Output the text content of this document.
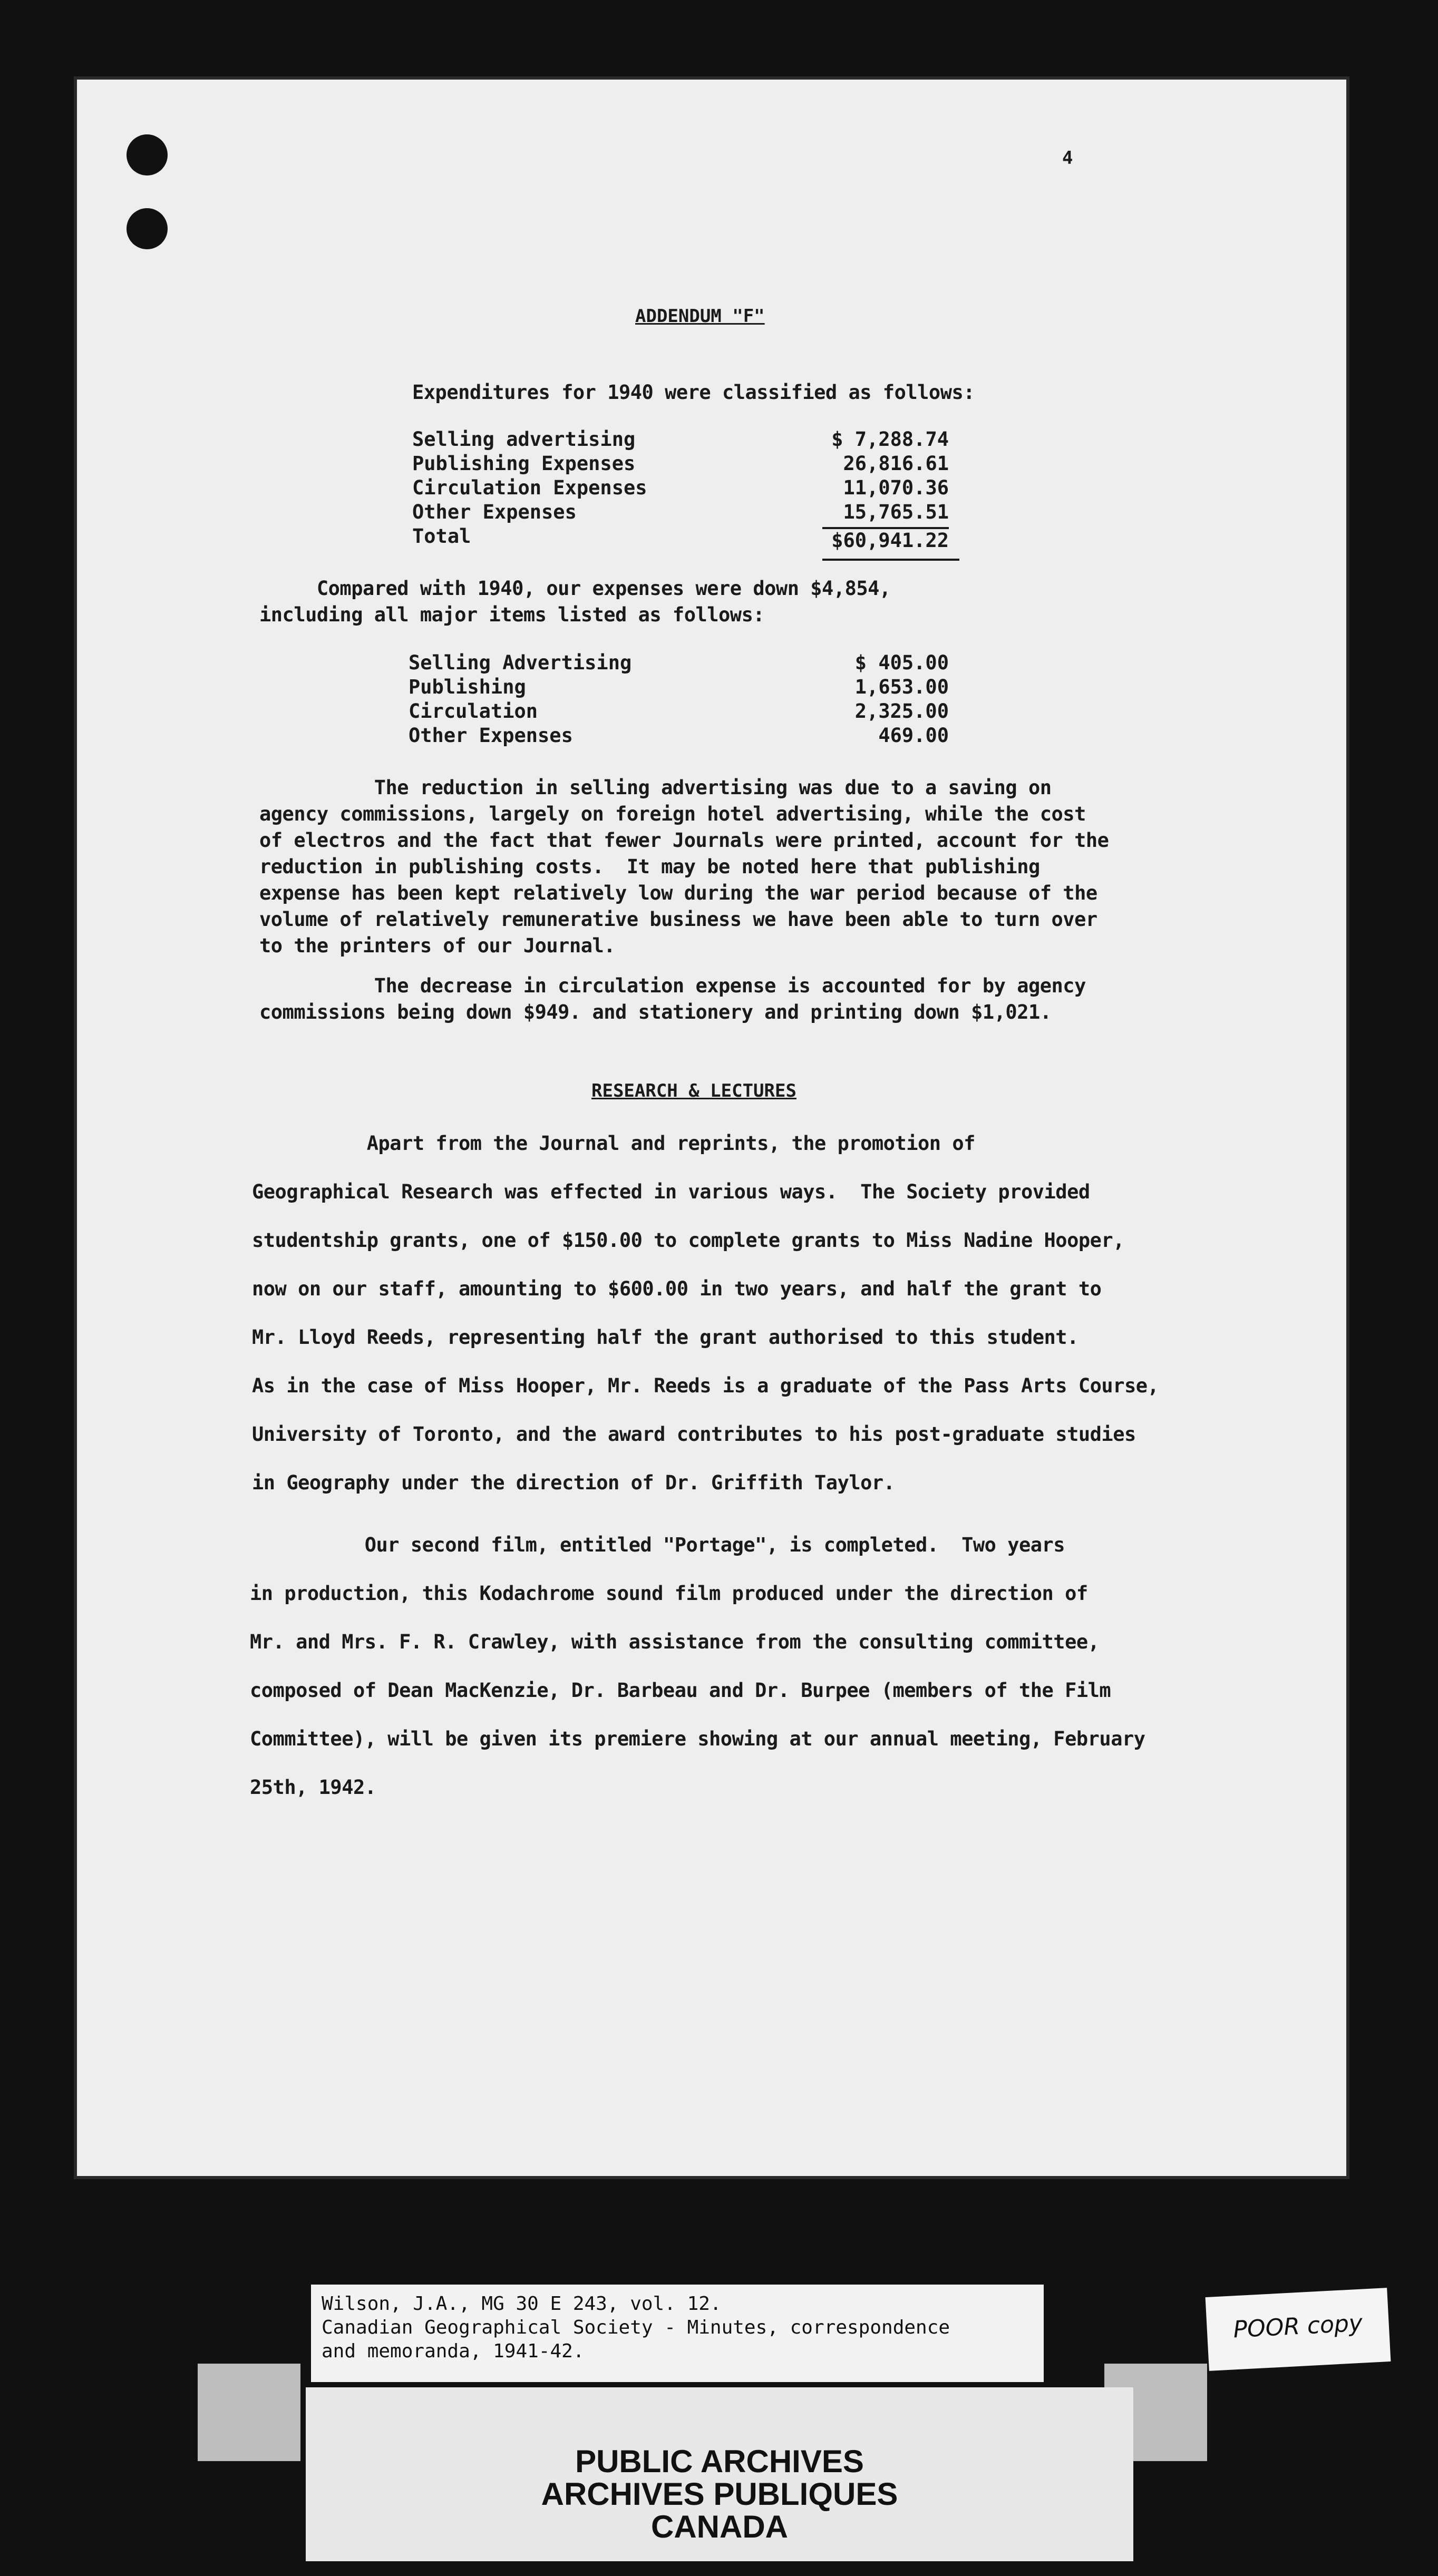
4
ADDENDUM "F"
Expenditures for 1940 were classified as follows:
Selling advertising	$ 7,288.74
Publishing Expenses	26,816.61
Circulation Expenses	11,070.36
Other Expenses	15,765.51
Total	$60,941.22
Compared with 1940, our expenses were down $4,854,
including all major items listed as follows:
Selling Advertising	$ 405.00
Publishing	1,653.00
Circulation	2,325.00
Other Expenses	469.00
The reduction in selling advertising was due to a saving on
agency commissions, largely on foreign hotel advertising, while the cost
of electros and the fact that fewer Journals were printed, account for the
reduction in publishing costs.  It may be noted here that publishing
expense has been kept relatively low during the war period because of the
volume of relatively remunerative business we have been able to turn over
to the printers of our Journal.
The decrease in circulation expense is accounted for by agency
commissions being down $949. and stationery and printing down $1,021.
RESEARCH & LECTURES
Apart from the Journal and reprints, the promotion of
Geographical Research was effected in various ways.  The Society provided
studentship grants, one of $150.00 to complete grants to Miss Nadine Hooper,
now on our staff, amounting to $600.00 in two years, and half the grant to
Mr. Lloyd Reeds, representing half the grant authorised to this student.
As in the case of Miss Hooper, Mr. Reeds is a graduate of the Pass Arts Course,
University of Toronto, and the award contributes to his post-graduate studies
in Geography under the direction of Dr. Griffith Taylor.
Our second film, entitled "Portage", is completed.  Two years
in production, this Kodachrome sound film produced under the direction of
Mr. and Mrs. F. R. Crawley, with assistance from the consulting committee,
composed of Dean MacKenzie, Dr. Barbeau and Dr. Burpee (members of the Film
Committee), will be given its premiere showing at our annual meeting, February
25th, 1942.
Wilson, J.A., MG 30 E 243, vol. 12.
Canadian Geographical Society - Minutes, correspondence
and memoranda, 1941-42.
POOR copy
PUBLIC ARCHIVES
ARCHIVES PUBLIQUES
CANADA
